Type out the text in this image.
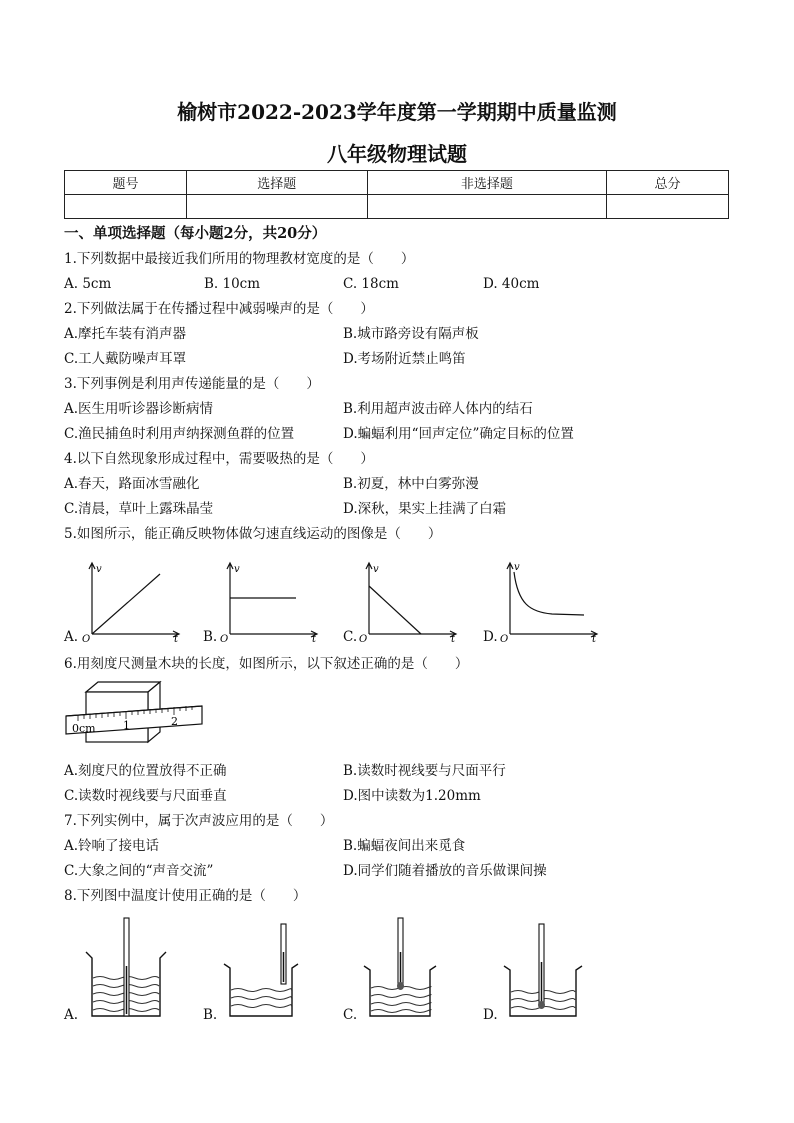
榆树市2022-2023学年度第一学期期中质量监测
八年级物理试题
题号	选择题	非选择题	总分

一、单项选择题（每小题2分，共20分）
1.下列数据中最接近我们所用的物理教材宽度的是（　　）
A. 5cm	B. 10cm	C. 18cm	D. 40cm
2.下列做法属于在传播过程中减弱噪声的是（　　）
A.摩托车装有消声器	B.城市路旁设有隔声板
C.工人戴防噪声耳罩	D.考场附近禁止鸣笛
3.下列事例是利用声传递能量的是（　　）
A.医生用听诊器诊断病情	B.利用超声波击碎人体内的结石
C.渔民捕鱼时利用声纳探测鱼群的位置	D.蝙蝠利用“回声定位”确定目标的位置
4.以下自然现象形成过程中，需要吸热的是（　　）
A.春天，路面冰雪融化	B.初夏，林中白雾弥漫
C.清晨，草叶上露珠晶莹	D.深秋，果实上挂满了白霜
5.如图所示，能正确反映物体做匀速直线运动的图像是（　　）
A.
v
t
O	B.
v
t
O	C.
v
t
O	D.
v
t
O
6.用刻度尺测量木块的长度，如图所示，以下叙述正确的是（　　）
0cm 1	2
A.刻度尺的位置放得不正确	B.读数时视线要与尺面平行
C.读数时视线要与尺面垂直	D.图中读数为1.20mm
7.下列实例中，属于次声波应用的是（　　）
A.铃响了接电话	B.蝙蝠夜间出来觅食
C.大象之间的“声音交流”	D.同学们随着播放的音乐做课间操
8.下列图中温度计使用正确的是（　　）
A.	B.	C.	D.
